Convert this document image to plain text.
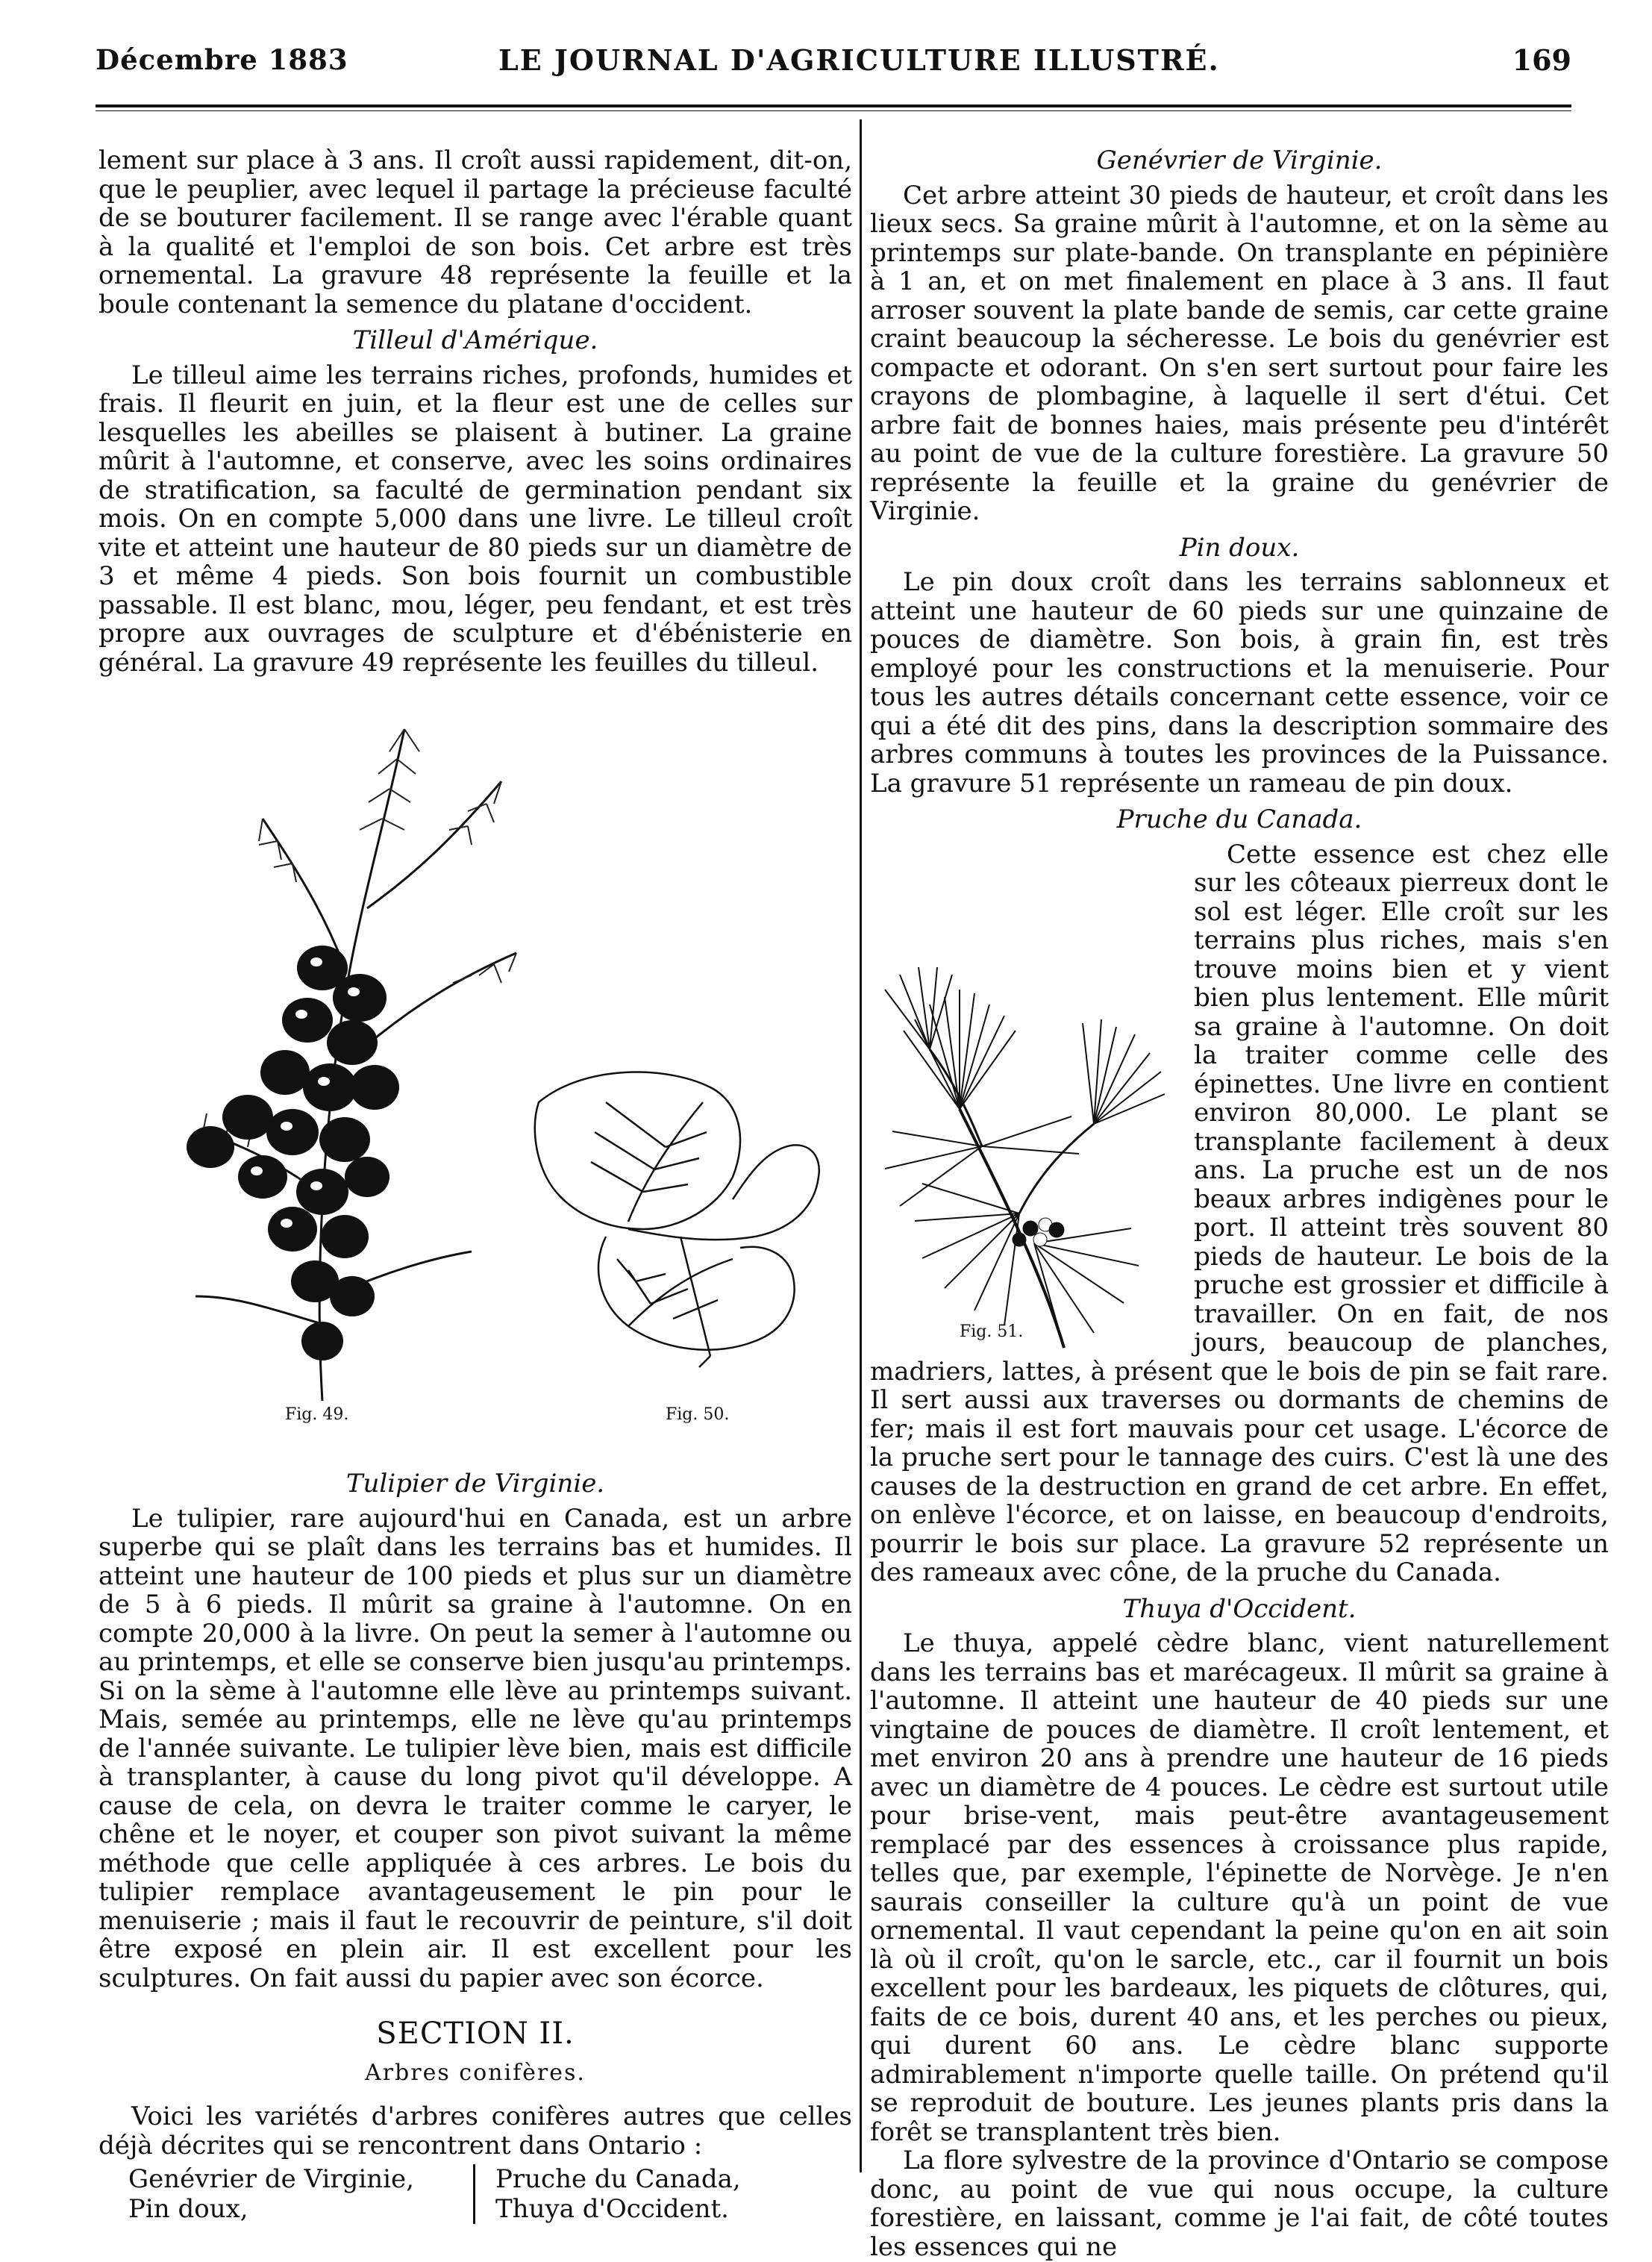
Décembre 1883	LE JOURNAL D'AGRICULTURE ILLUSTRÉ.	169

lement sur place à 3 ans. Il croît aussi rapidement, dit-on, que le peuplier, avec lequel il partage la précieuse faculté de se bouturer facilement. Il se range avec l'érable quant à la qualité et l'emploi de son bois. Cet arbre est très ornemental. La gravure 48 représente la feuille et la boule contenant la semence du platane d'occident.

Tilleul d'Amérique.

Le tilleul aime les terrains riches, profonds, humides et frais. Il fleurit en juin, et la fleur est une de celles sur lesquelles les abeilles se plaisent à butiner. La graine mûrit à l'automne, et conserve, avec les soins ordinaires de stratification, sa faculté de germination pendant six mois. On en compte 5,000 dans une livre. Le tilleul croît vite et atteint une hauteur de 80 pieds sur un diamètre de 3 et même 4 pieds. Son bois fournit un combustible passable. Il est blanc, mou, léger, peu fendant, et est très propre aux ouvrages de sculpture et d'ébénisterie en général. La gravure 49 représente les feuilles du tilleul.

Fig. 49.	Fig. 50.
Tulipier de Virginie.

Le tulipier, rare aujourd'hui en Canada, est un arbre superbe qui se plaît dans les terrains bas et humides. Il atteint une hauteur de 100 pieds et plus sur un diamètre de 5 à 6 pieds. Il mûrit sa graine à l'automne. On en compte 20,000 à la livre. On peut la semer à l'automne ou au printemps, et elle se conserve bien jusqu'au printemps. Si on la sème à l'automne elle lève au printemps suivant. Mais, semée au printemps, elle ne lève qu'au printemps de l'année suivante. Le tulipier lève bien, mais est difficile à transplanter, à cause du long pivot qu'il développe. A cause de cela, on devra le traiter comme le caryer, le chêne et le noyer, et couper son pivot suivant la même méthode que celle appliquée à ces arbres. Le bois du tulipier remplace avantageusement le pin pour le menuiserie ; mais il faut le recouvrir de peinture, s'il doit être exposé en plein air. Il est excellent pour les sculptures. On fait aussi du papier avec son écorce.

SECTION II.
Arbres conifères.

Voici les variétés d'arbres conifères autres que celles déjà décrites qui se rencontrent dans Ontario :

Genévrier de Virginie,
Pin doux,
Pruche du Canada,
Thuya d'Occident.
Genévrier de Virginie.

Cet arbre atteint 30 pieds de hauteur, et croît dans les lieux secs. Sa graine mûrit à l'automne, et on la sème au printemps sur plate-bande. On transplante en pépinière à 1 an, et on met finalement en place à 3 ans. Il faut arroser souvent la plate bande de semis, car cette graine craint beaucoup la sécheresse. Le bois du genévrier est compacte et odorant. On s'en sert surtout pour faire les crayons de plombagine, à laquelle il sert d'étui. Cet arbre fait de bonnes haies, mais présente peu d'intérêt au point de vue de la culture forestière. La gravure 50 représente la feuille et la graine du genévrier de Virginie.

Pin doux.

Le pin doux croît dans les terrains sablonneux et atteint une hauteur de 60 pieds sur une quinzaine de pouces de diamètre. Son bois, à grain fin, est très employé pour les constructions et la menuiserie. Pour tous les autres détails concernant cette essence, voir ce qui a été dit des pins, dans la description sommaire des arbres communs à toutes les provinces de la Puissance. La gravure 51 représente un rameau de pin doux.

Pruche du Canada.
Fig. 51.

Cette essence est chez elle sur les côteaux pierreux dont le sol est léger. Elle croît sur les terrains plus riches, mais s'en trouve moins bien et y vient bien plus lentement. Elle mûrit sa graine à l'automne. On doit la traiter comme celle des épinettes. Une livre en contient environ 80,000. Le plant se transplante facilement à deux ans. La pruche est un de nos beaux arbres indigènes pour le port. Il atteint très souvent 80 pieds de hauteur. Le bois de la pruche est grossier et difficile à travailler. On en fait, de nos jours, beaucoup de planches, madriers, lattes, à présent que le bois de pin se fait rare. Il sert aussi aux traverses ou dormants de chemins de fer; mais il est fort mauvais pour cet usage. L'écorce de la pruche sert pour le tannage des cuirs. C'est là une des causes de la destruction en grand de cet arbre. En effet, on enlève l'écorce, et on laisse, en beaucoup d'endroits, pourrir le bois sur place. La gravure 52 représente un des rameaux avec cône, de la pruche du Canada.

Thuya d'Occident.

Le thuya, appelé cèdre blanc, vient naturellement dans les terrains bas et marécageux. Il mûrit sa graine à l'automne. Il atteint une hauteur de 40 pieds sur une vingtaine de pouces de diamètre. Il croît lentement, et met environ 20 ans à prendre une hauteur de 16 pieds avec un diamètre de 4 pouces. Le cèdre est surtout utile pour brise-vent, mais peut-être avantageusement remplacé par des essences à croissance plus rapide, telles que, par exemple, l'épinette de Norvège. Je n'en saurais conseiller la culture qu'à un point de vue ornemental. Il vaut cependant la peine qu'on en ait soin là où il croît, qu'on le sarcle, etc., car il fournit un bois excellent pour les bardeaux, les piquets de clôtures, qui, faits de ce bois, durent 40 ans, et les perches ou pieux, qui durent 60 ans. Le cèdre blanc supporte admirablement n'importe quelle taille. On prétend qu'il se reproduit de bouture. Les jeunes plants pris dans la forêt se transplantent très bien.

La flore sylvestre de la province d'Ontario se compose donc, au point de vue qui nous occupe, la culture forestière, en laissant, comme je l'ai fait, de côté toutes les essences qui ne
